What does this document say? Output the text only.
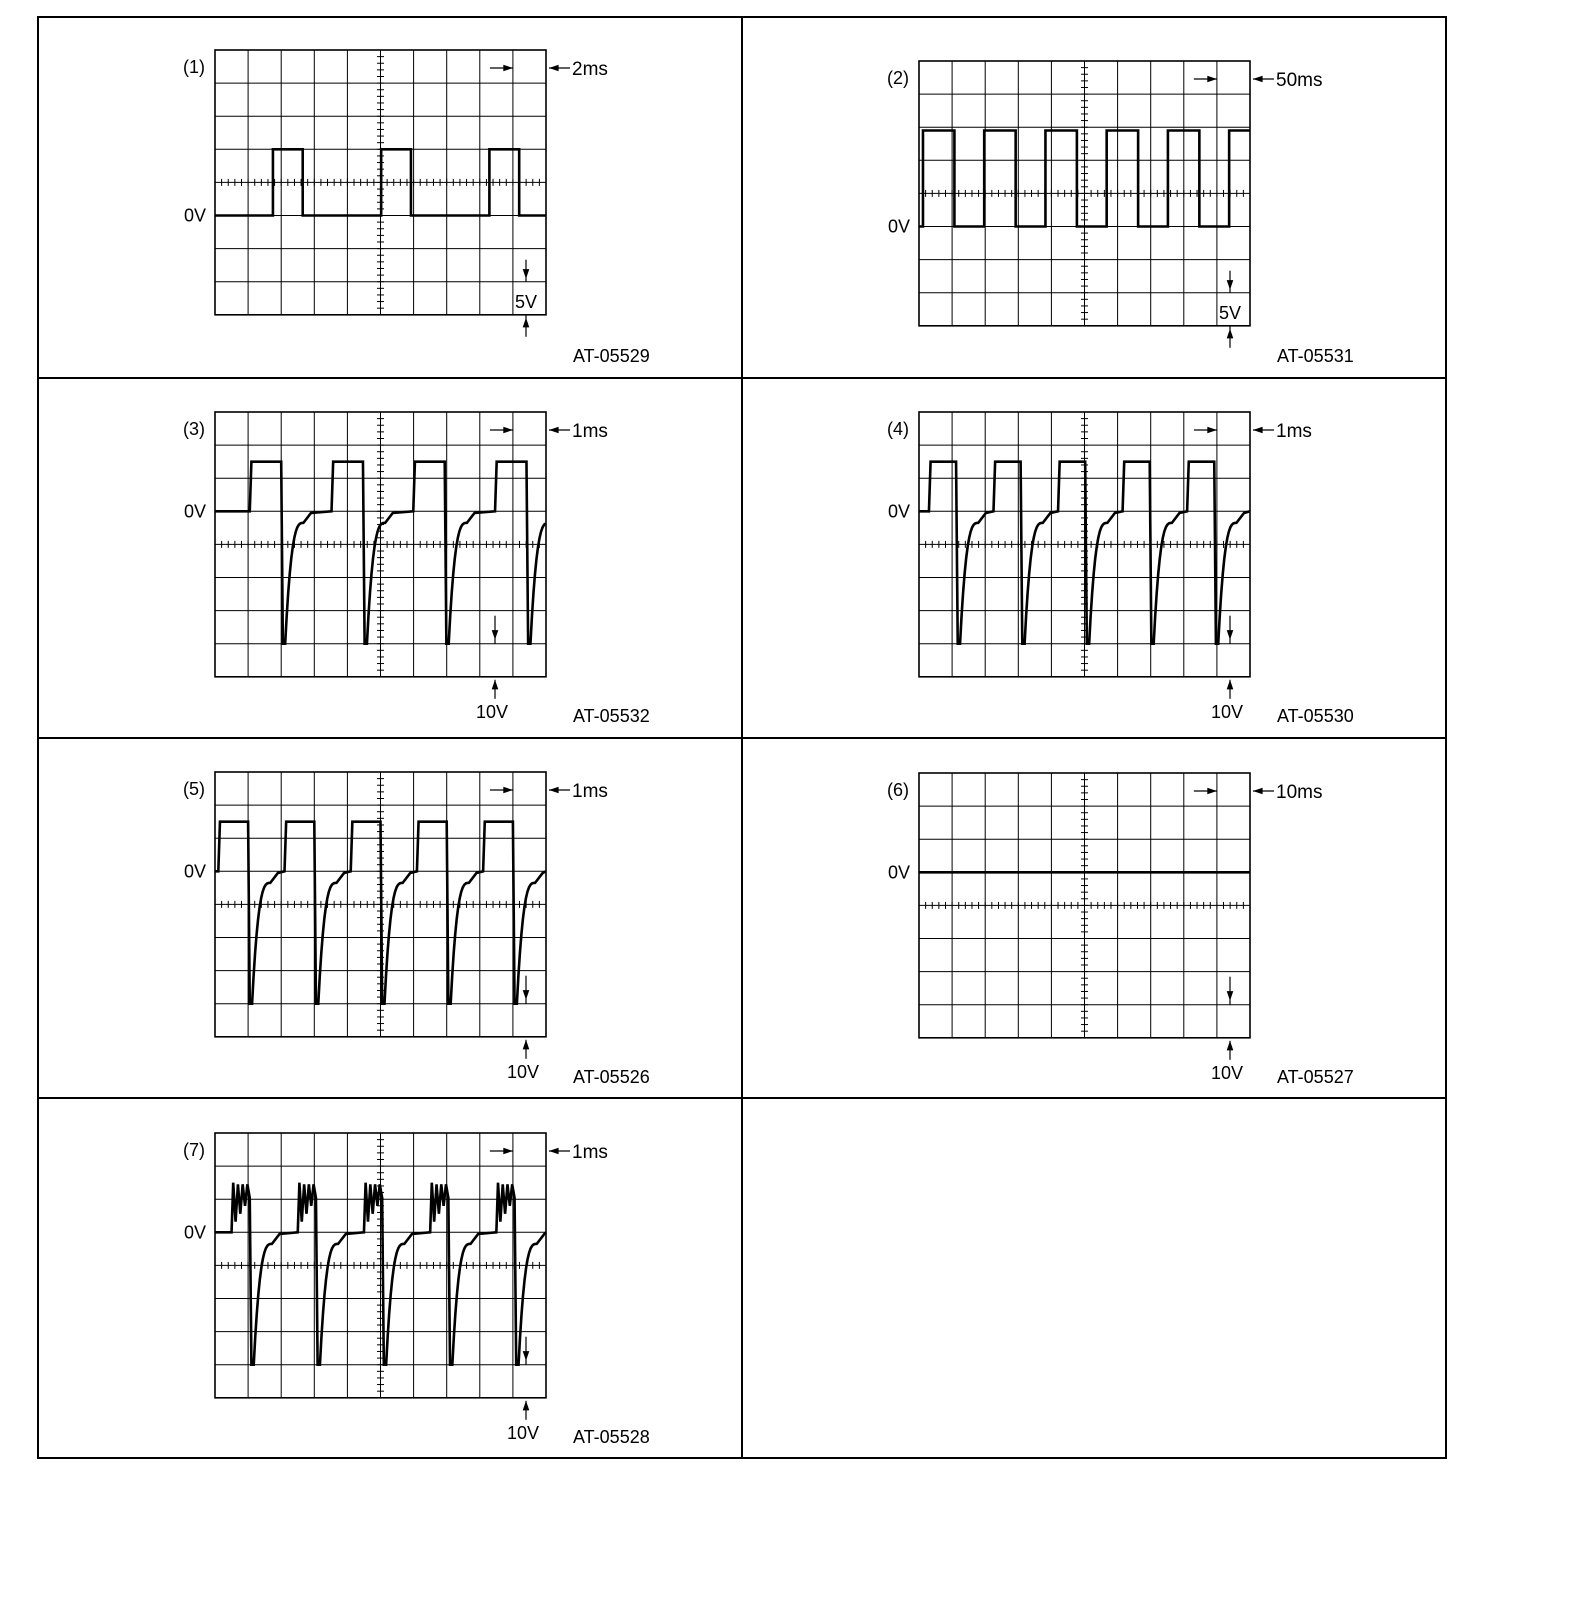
(1)
0V
2ms
5V
AT-05529
(2)
0V
50ms
5V
AT-05531
(3)
0V
1ms
10V	AT-05532
(4)
0V
1ms
10V AT-05530
(5)
0V
1ms
10V AT-05526
(6)
0V
10ms
10V AT-05527
(7)
0V
1ms
10V AT-05528
